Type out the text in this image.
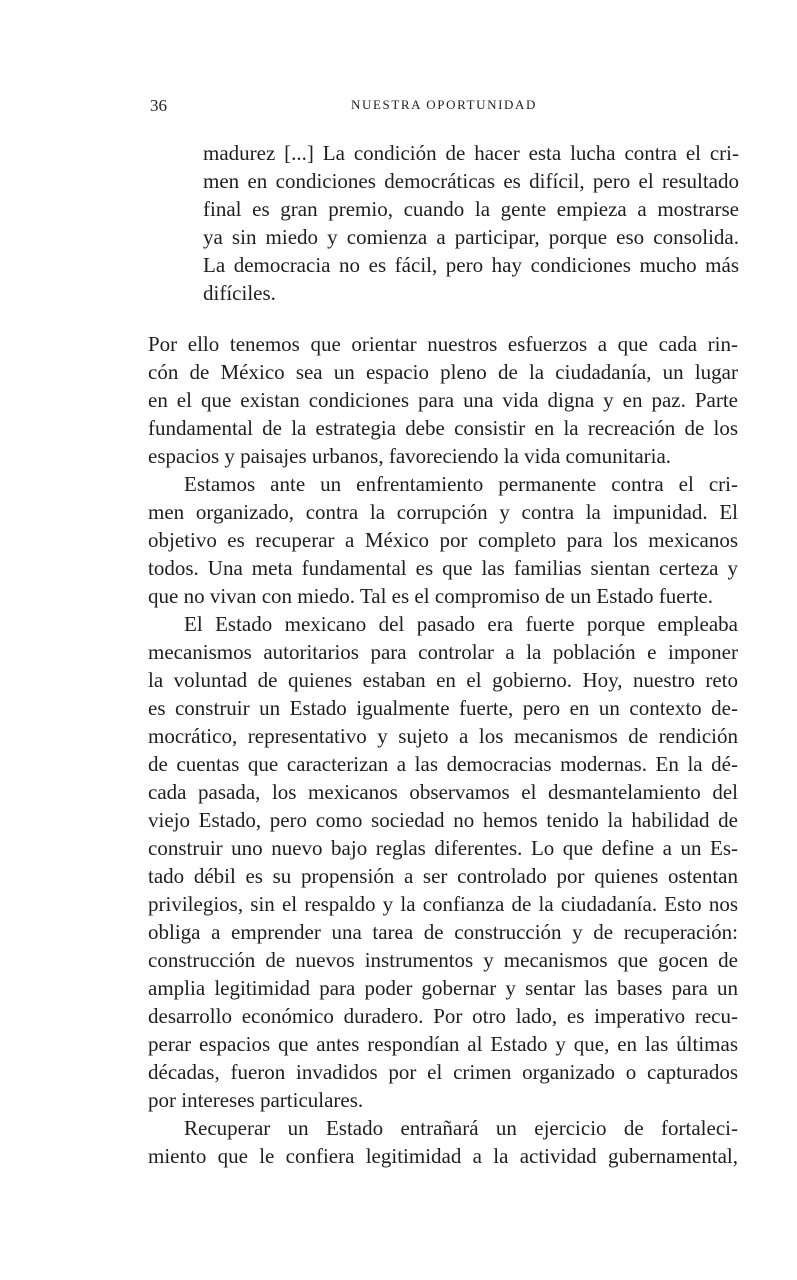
36	NUESTRA OPORTUNIDAD
madurez [...] La condición de hacer esta lucha contra el cri-
men en condiciones democráticas es difícil, pero el resultado
final es gran premio, cuando la gente empieza a mostrarse
ya sin miedo y comienza a participar, porque eso consolida.
La democracia no es fácil, pero hay condiciones mucho más
difíciles.
Por ello tenemos que orientar nuestros esfuerzos a que cada rin-
cón de México sea un espacio pleno de la ciudadanía, un lugar
en el que existan condiciones para una vida digna y en paz. Parte
fundamental de la estrategia debe consistir en la recreación de los
espacios y paisajes urbanos, favoreciendo la vida comunitaria.
Estamos ante un enfrentamiento permanente contra el cri-
men organizado, contra la corrupción y contra la impunidad. El
objetivo es recuperar a México por completo para los mexicanos
todos. Una meta fundamental es que las familias sientan certeza y
que no vivan con miedo. Tal es el compromiso de un Estado fuerte.
El Estado mexicano del pasado era fuerte porque empleaba
mecanismos autoritarios para controlar a la población e imponer
la voluntad de quienes estaban en el gobierno. Hoy, nuestro reto
es construir un Estado igualmente fuerte, pero en un contexto de-
mocrático, representativo y sujeto a los mecanismos de rendición
de cuentas que caracterizan a las democracias modernas. En la dé-
cada pasada, los mexicanos observamos el desmantelamiento del
viejo Estado, pero como sociedad no hemos tenido la habilidad de
construir uno nuevo bajo reglas diferentes. Lo que define a un Es-
tado débil es su propensión a ser controlado por quienes ostentan
privilegios, sin el respaldo y la confianza de la ciudadanía. Esto nos
obliga a emprender una tarea de construcción y de recuperación:
construcción de nuevos instrumentos y mecanismos que gocen de
amplia legitimidad para poder gobernar y sentar las bases para un
desarrollo económico duradero. Por otro lado, es imperativo recu-
perar espacios que antes respondían al Estado y que, en las últimas
décadas, fueron invadidos por el crimen organizado o capturados
por intereses particulares.
Recuperar un Estado entrañará un ejercicio de fortaleci-
miento que le confiera legitimidad a la actividad gubernamental,
